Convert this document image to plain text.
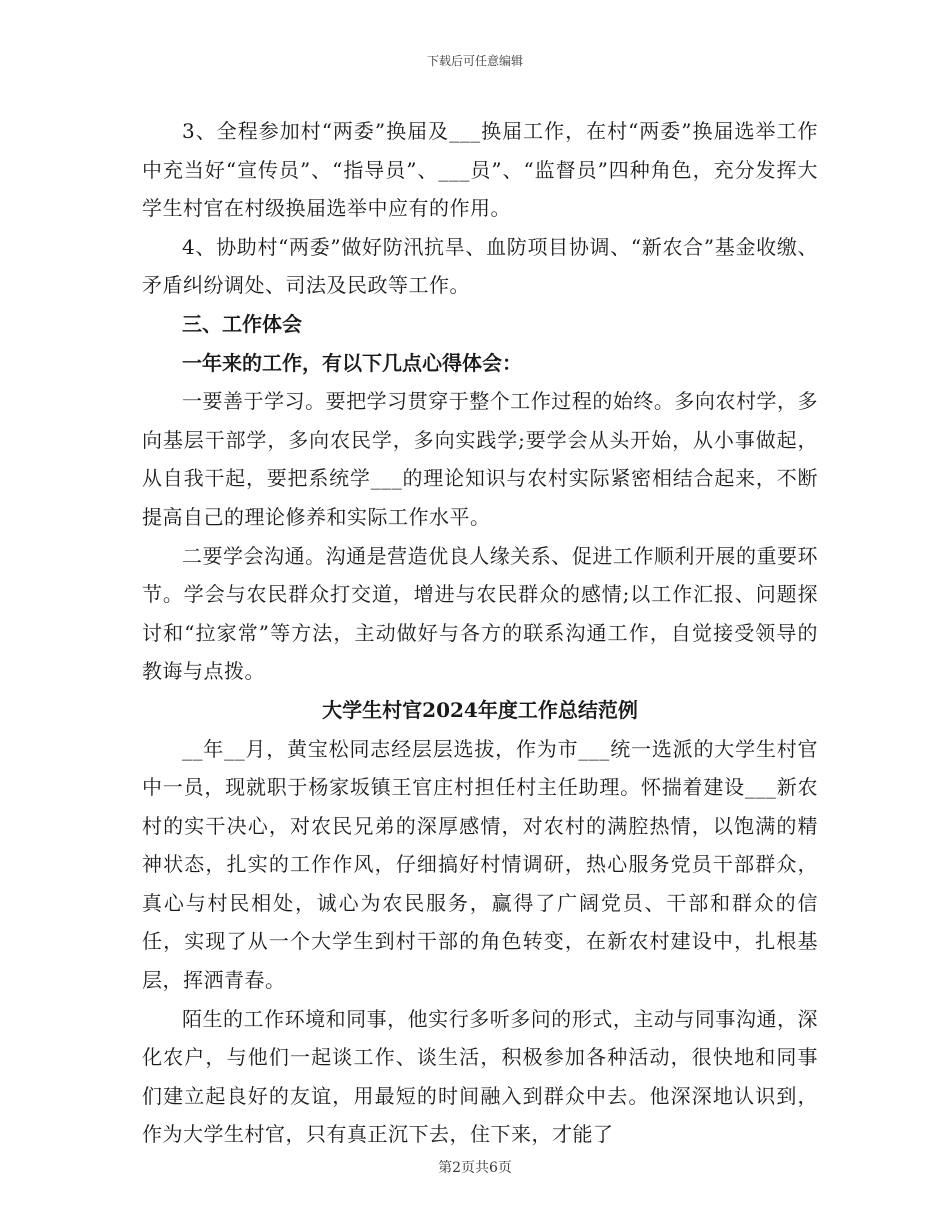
下载后可任意编辑

3、全程参加村“两委”换届及___换届工作，在村“两委”换届选举工作中充当好“宣传员”、“指导员”、___员”、“监督员”四种角色，充分发挥大学生村官在村级换届选举中应有的作用。

4、协助村“两委”做好防汛抗旱、血防项目协调、“新农合”基金收缴、矛盾纠纷调处、司法及民政等工作。

三、工作体会

一年来的工作，有以下几点心得体会：

一要善于学习。要把学习贯穿于整个工作过程的始终。多向农村学，多向基层干部学，多向农民学，多向实践学;要学会从头开始，从小事做起，从自我干起，要把系统学___的理论知识与农村实际紧密相结合起来，不断提高自己的理论修养和实际工作水平。

二要学会沟通。沟通是营造优良人缘关系、促进工作顺利开展的重要环节。学会与农民群众打交道，增进与农民群众的感情;以工作汇报、问题探讨和“拉家常”等方法，主动做好与各方的联系沟通工作，自觉接受领导的教诲与点拨。

大学生村官2024年度工作总结范例

__年__月，黄宝松同志经层层选拔，作为市___统一选派的大学生村官中一员，现就职于杨家坂镇王官庄村担任村主任助理。怀揣着建设___新农村的实干决心，对农民兄弟的深厚感情，对农村的满腔热情，以饱满的精神状态，扎实的工作作风，仔细搞好村情调研，热心服务党员干部群众，真心与村民相处，诚心为农民服务，赢得了广阔党员、干部和群众的信任，实现了从一个大学生到村干部的角色转变，在新农村建设中，扎根基层，挥洒青春。

陌生的工作环境和同事，他实行多听多问的形式，主动与同事沟通，深化农户，与他们一起谈工作、谈生活，积极参加各种活动，很快地和同事们建立起良好的友谊，用最短的时间融入到群众中去。他深深地认识到，作为大学生村官，只有真正沉下去，住下来，才能了

第2页共6页
